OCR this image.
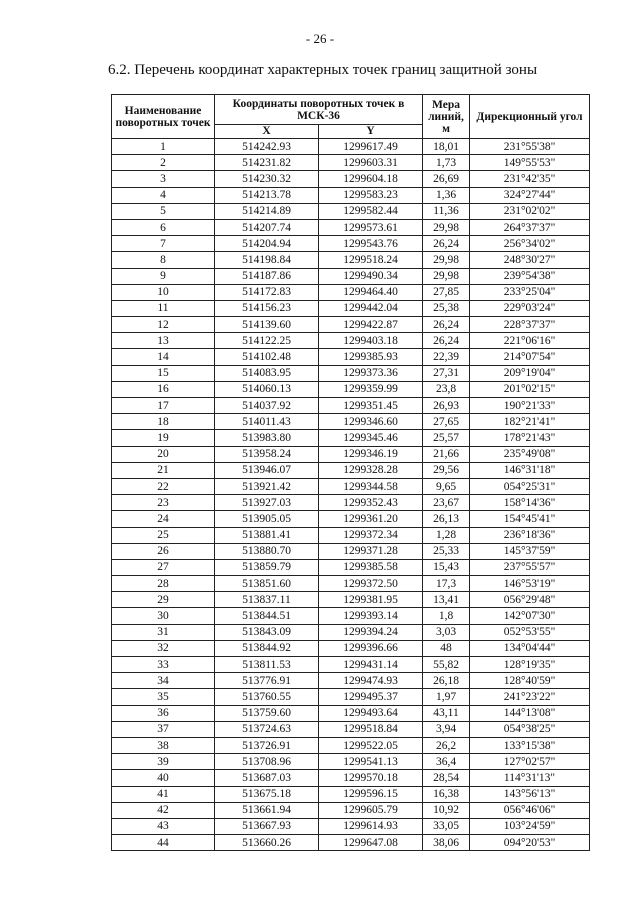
- 26 -
6.2. Перечень координат характерных точек границ защитной зоны
Наименование поворотных точек	Координаты поворотных точек в МСК-36		Мера линий, м	Дирекционный угол
	X	Y		
1	514242.93	1299617.49	18,01	231°55'38"
2	514231.82	1299603.31	1,73	149°55'53"
3	514230.32	1299604.18	26,69	231°42'35"
4	514213.78	1299583.23	1,36	324°27'44"
5	514214.89	1299582.44	11,36	231°02'02"
6	514207.74	1299573.61	29,98	264°37'37"
7	514204.94	1299543.76	26,24	256°34'02"
8	514198.84	1299518.24	29,98	248°30'27"
9	514187.86	1299490.34	29,98	239°54'38"
10	514172.83	1299464.40	27,85	233°25'04"
11	514156.23	1299442.04	25,38	229°03'24"
12	514139.60	1299422.87	26,24	228°37'37"
13	514122.25	1299403.18	26,24	221°06'16"
14	514102.48	1299385.93	22,39	214°07'54"
15	514083.95	1299373.36	27,31	209°19'04"
16	514060.13	1299359.99	23,8	201°02'15"
17	514037.92	1299351.45	26,93	190°21'33"
18	514011.43	1299346.60	27,65	182°21'41"
19	513983.80	1299345.46	25,57	178°21'43"
20	513958.24	1299346.19	21,66	235°49'08"
21	513946.07	1299328.28	29,56	146°31'18"
22	513921.42	1299344.58	9,65	054°25'31"
23	513927.03	1299352.43	23,67	158°14'36"
24	513905.05	1299361.20	26,13	154°45'41"
25	513881.41	1299372.34	1,28	236°18'36"
26	513880.70	1299371.28	25,33	145°37'59"
27	513859.79	1299385.58	15,43	237°55'57"
28	513851.60	1299372.50	17,3	146°53'19"
29	513837.11	1299381.95	13,41	056°29'48"
30	513844.51	1299393.14	1,8	142°07'30"
31	513843.09	1299394.24	3,03	052°53'55"
32	513844.92	1299396.66	48	134°04'44"
33	513811.53	1299431.14	55,82	128°19'35"
34	513776.91	1299474.93	26,18	128°40'59"
35	513760.55	1299495.37	1,97	241°23'22"
36	513759.60	1299493.64	43,11	144°13'08"
37	513724.63	1299518.84	3,94	054°38'25"
38	513726.91	1299522.05	26,2	133°15'38"
39	513708.96	1299541.13	36,4	127°02'57"
40	513687.03	1299570.18	28,54	114°31'13"
41	513675.18	1299596.15	16,38	143°56'13"
42	513661.94	1299605.79	10,92	056°46'06"
43	513667.93	1299614.93	33,05	103°24'59"
44	513660.26	1299647.08	38,06	094°20'53"
